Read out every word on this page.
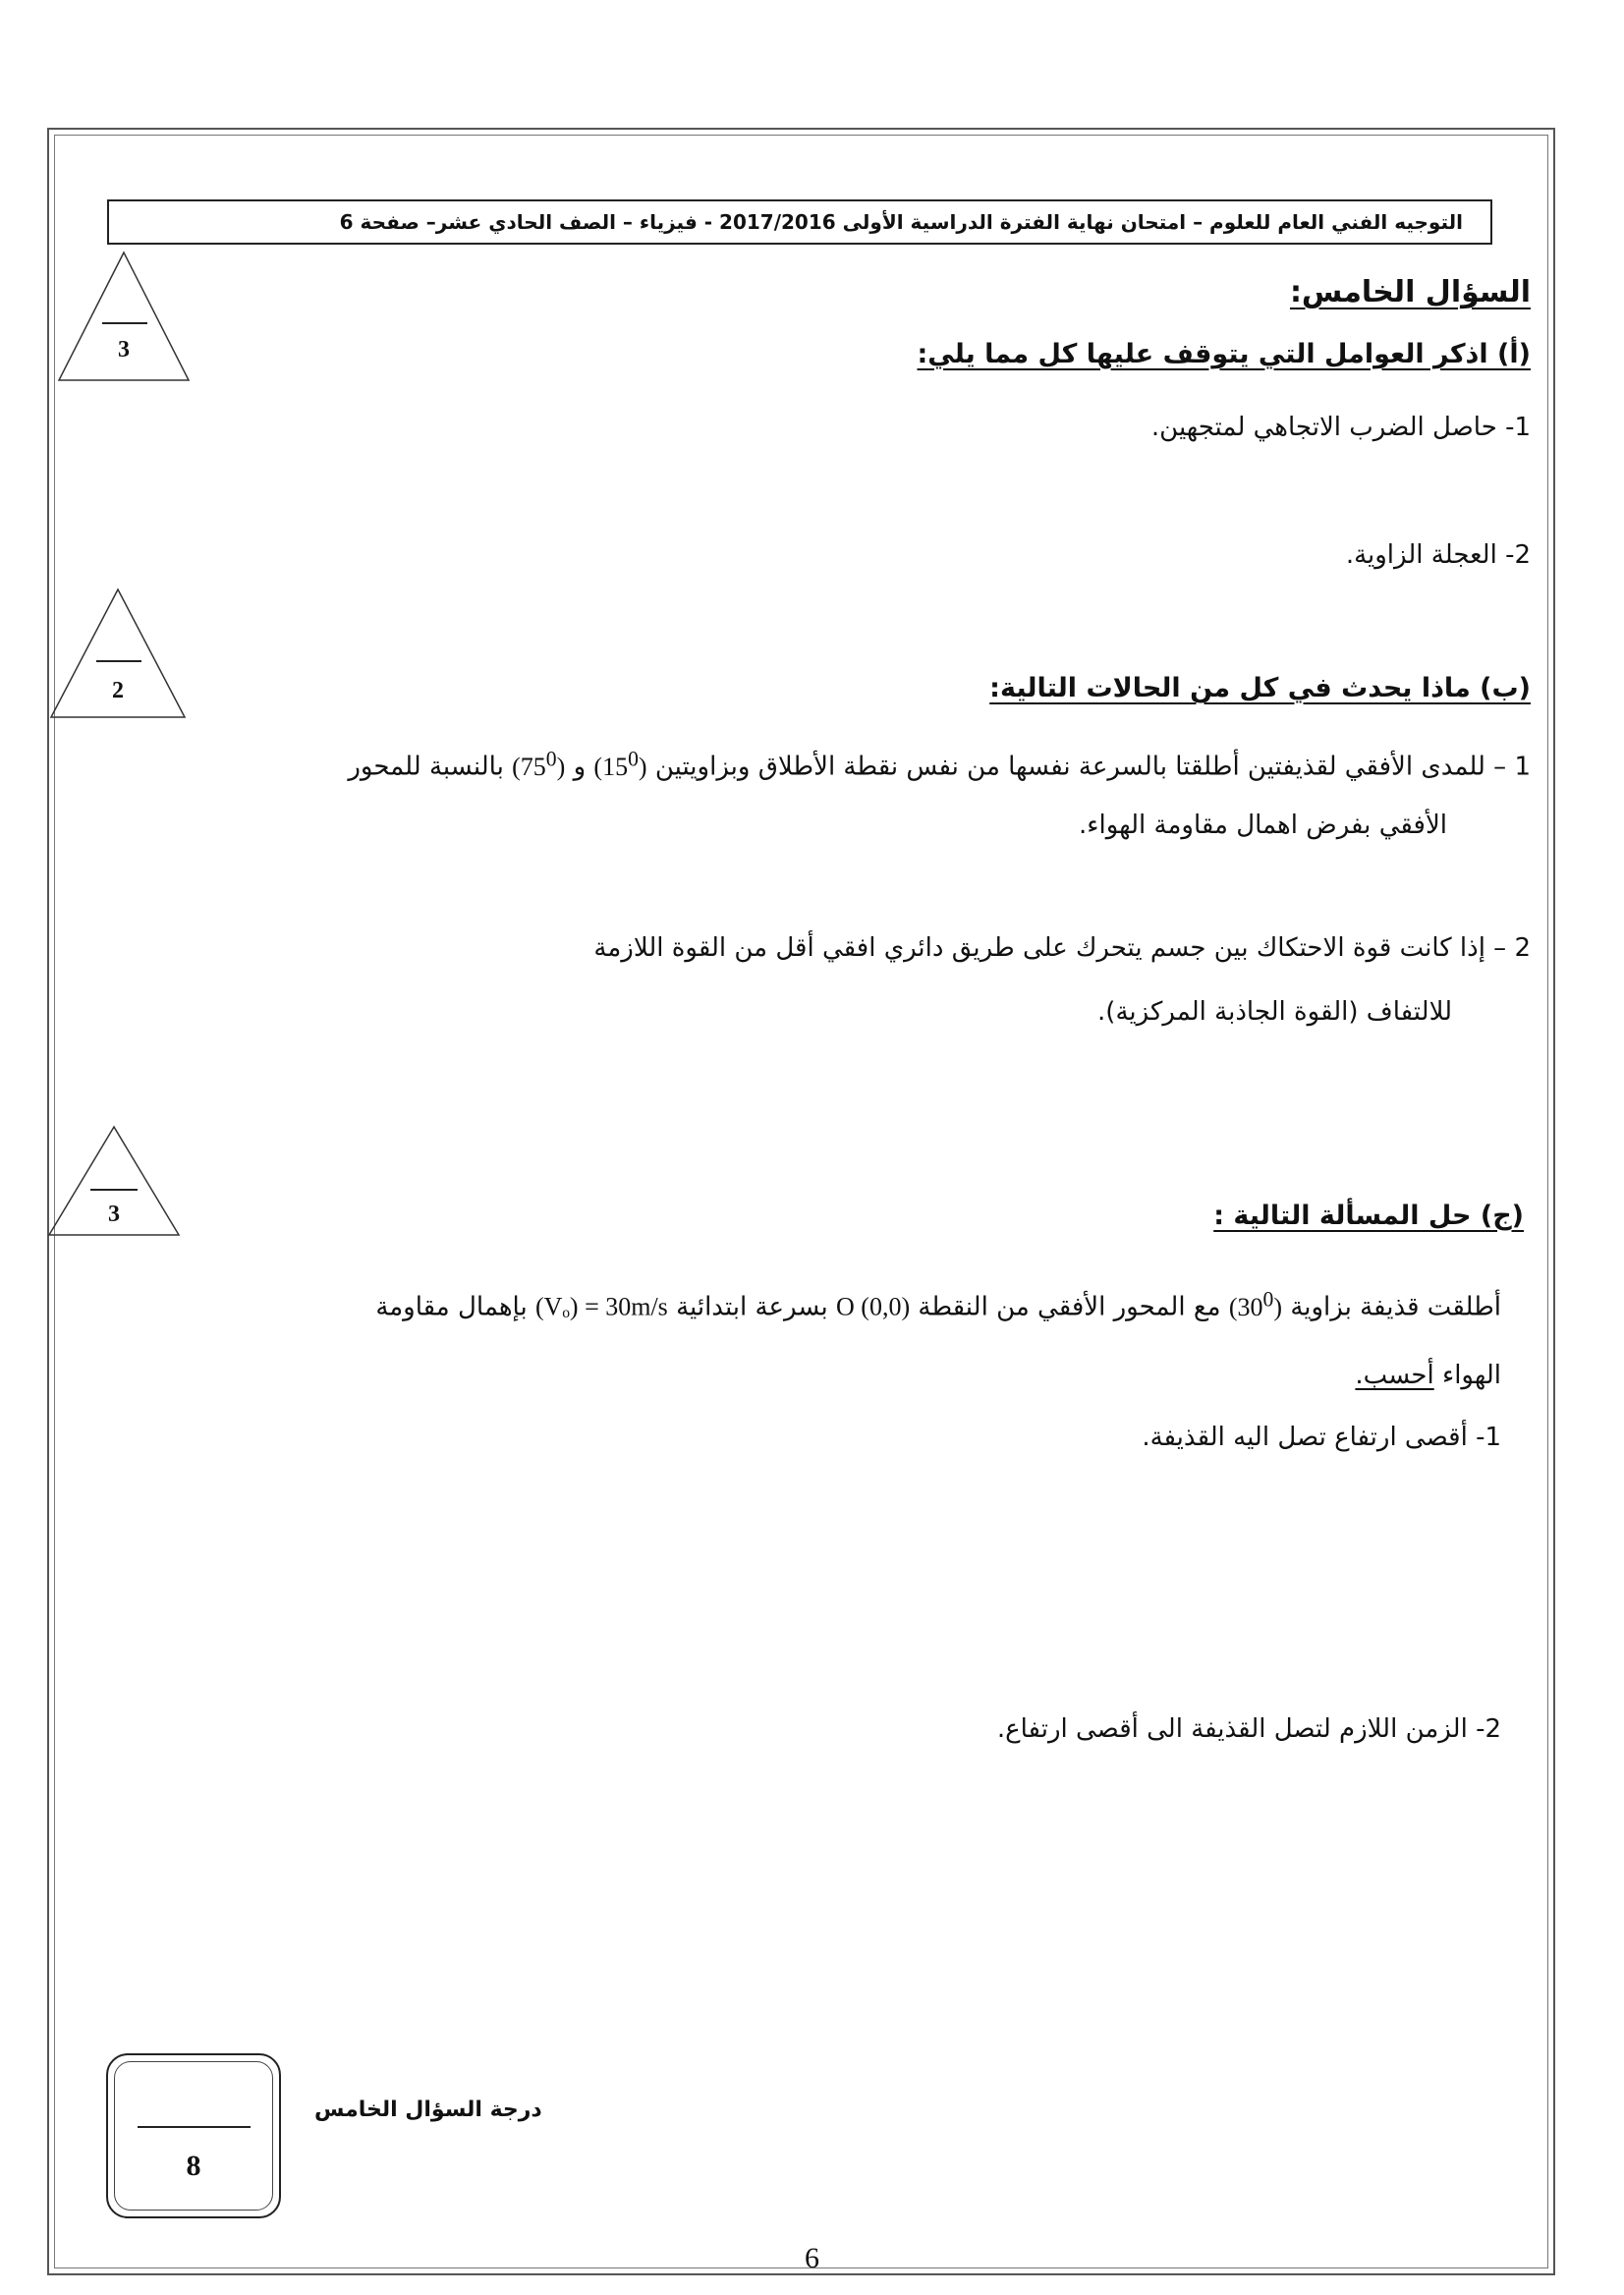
التوجيه الفني العام للعلوم – امتحان نهاية الفترة الدراسية الأولى 2017/2016 - فيزياء – الصف الحادي عشر– صفحة 6
3
2
3
السؤال الخامس:
(أ) اذكر العوامل التي يتوقف عليها كل مما يلي:
1- حاصل الضرب الاتجاهي لمتجهين.
2- العجلة الزاوية.
(ب) ماذا يحدث في كل من الحالات التالية:
1 – للمدى الأفقي لقذيفتين أطلقتا بالسرعة نفسها من نفس نقطة الأطلاق وبزاويتين $(15^0)$ و $(75^0)$ بالنسبة للمحور
الأفقي بفرض اهمال مقاومة الهواء.
2 – إذا كانت قوة الاحتكاك بين جسم يتحرك على طريق دائري افقي أقل من القوة اللازمة
للالتفاف (القوة الجاذبة المركزية).
(ج) حل المسألة التالية :
أطلقت قذيفة بزاوية $(30^0)$ مع المحور الأفقي من النقطة O (0,0) بسرعة ابتدائية (Vₒ) = 30m/s بإهمال مقاومة
الهواء أحسب.
1- أقصى ارتفاع تصل اليه القذيفة.
2- الزمن اللازم لتصل القذيفة الى أقصى ارتفاع.
8
درجة السؤال الخامس
6
